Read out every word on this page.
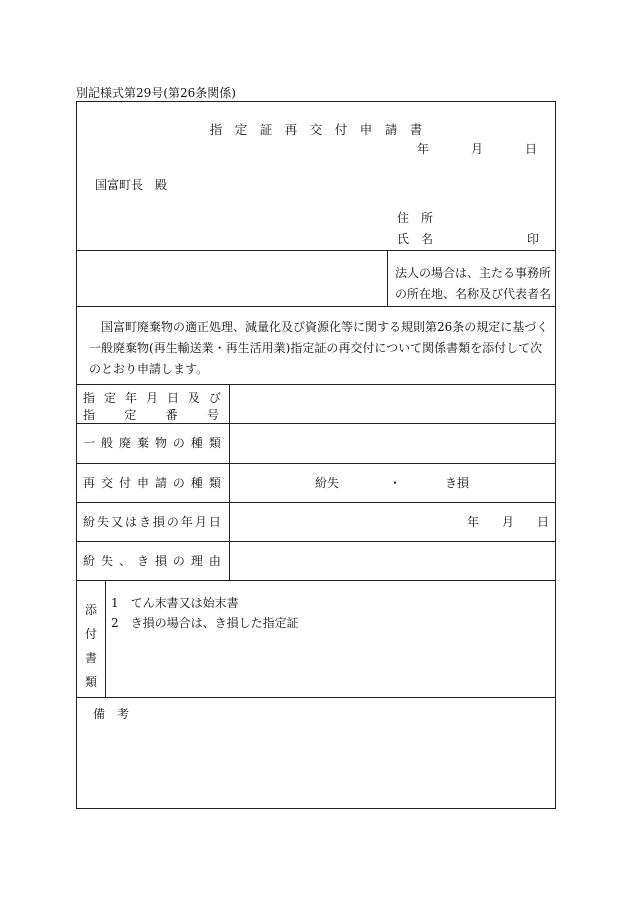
別記様式第29号(第26条関係)
指　定　証　再　交　付　申　請　書
年	月	日
国富町長　殿
住 所
氏 名	印
法人の場合は、主たる事務所
の所在地、名称及び代表者名
国富町廃棄物の適正処理、減量化及び資源化等に関する規則第26条の規定に基づく一般廃棄物(再生輸送業・再生活用業)指定証の再交付について関係書類を添付して次のとおり申請します。
指 定 年 月 日 及 び
指 定 番 号
一 般 廃 棄 物 の 種 類
再 交 付 申 請 の 種 類	紛失	・	き損
紛 失 又 は き 損 の 年 月 日	年 月 日
紛 失 、 き 損 の 理 由
添
付
書
類
1　てん末書又は始末書
2　き損の場合は、き損した指定証
備 考
